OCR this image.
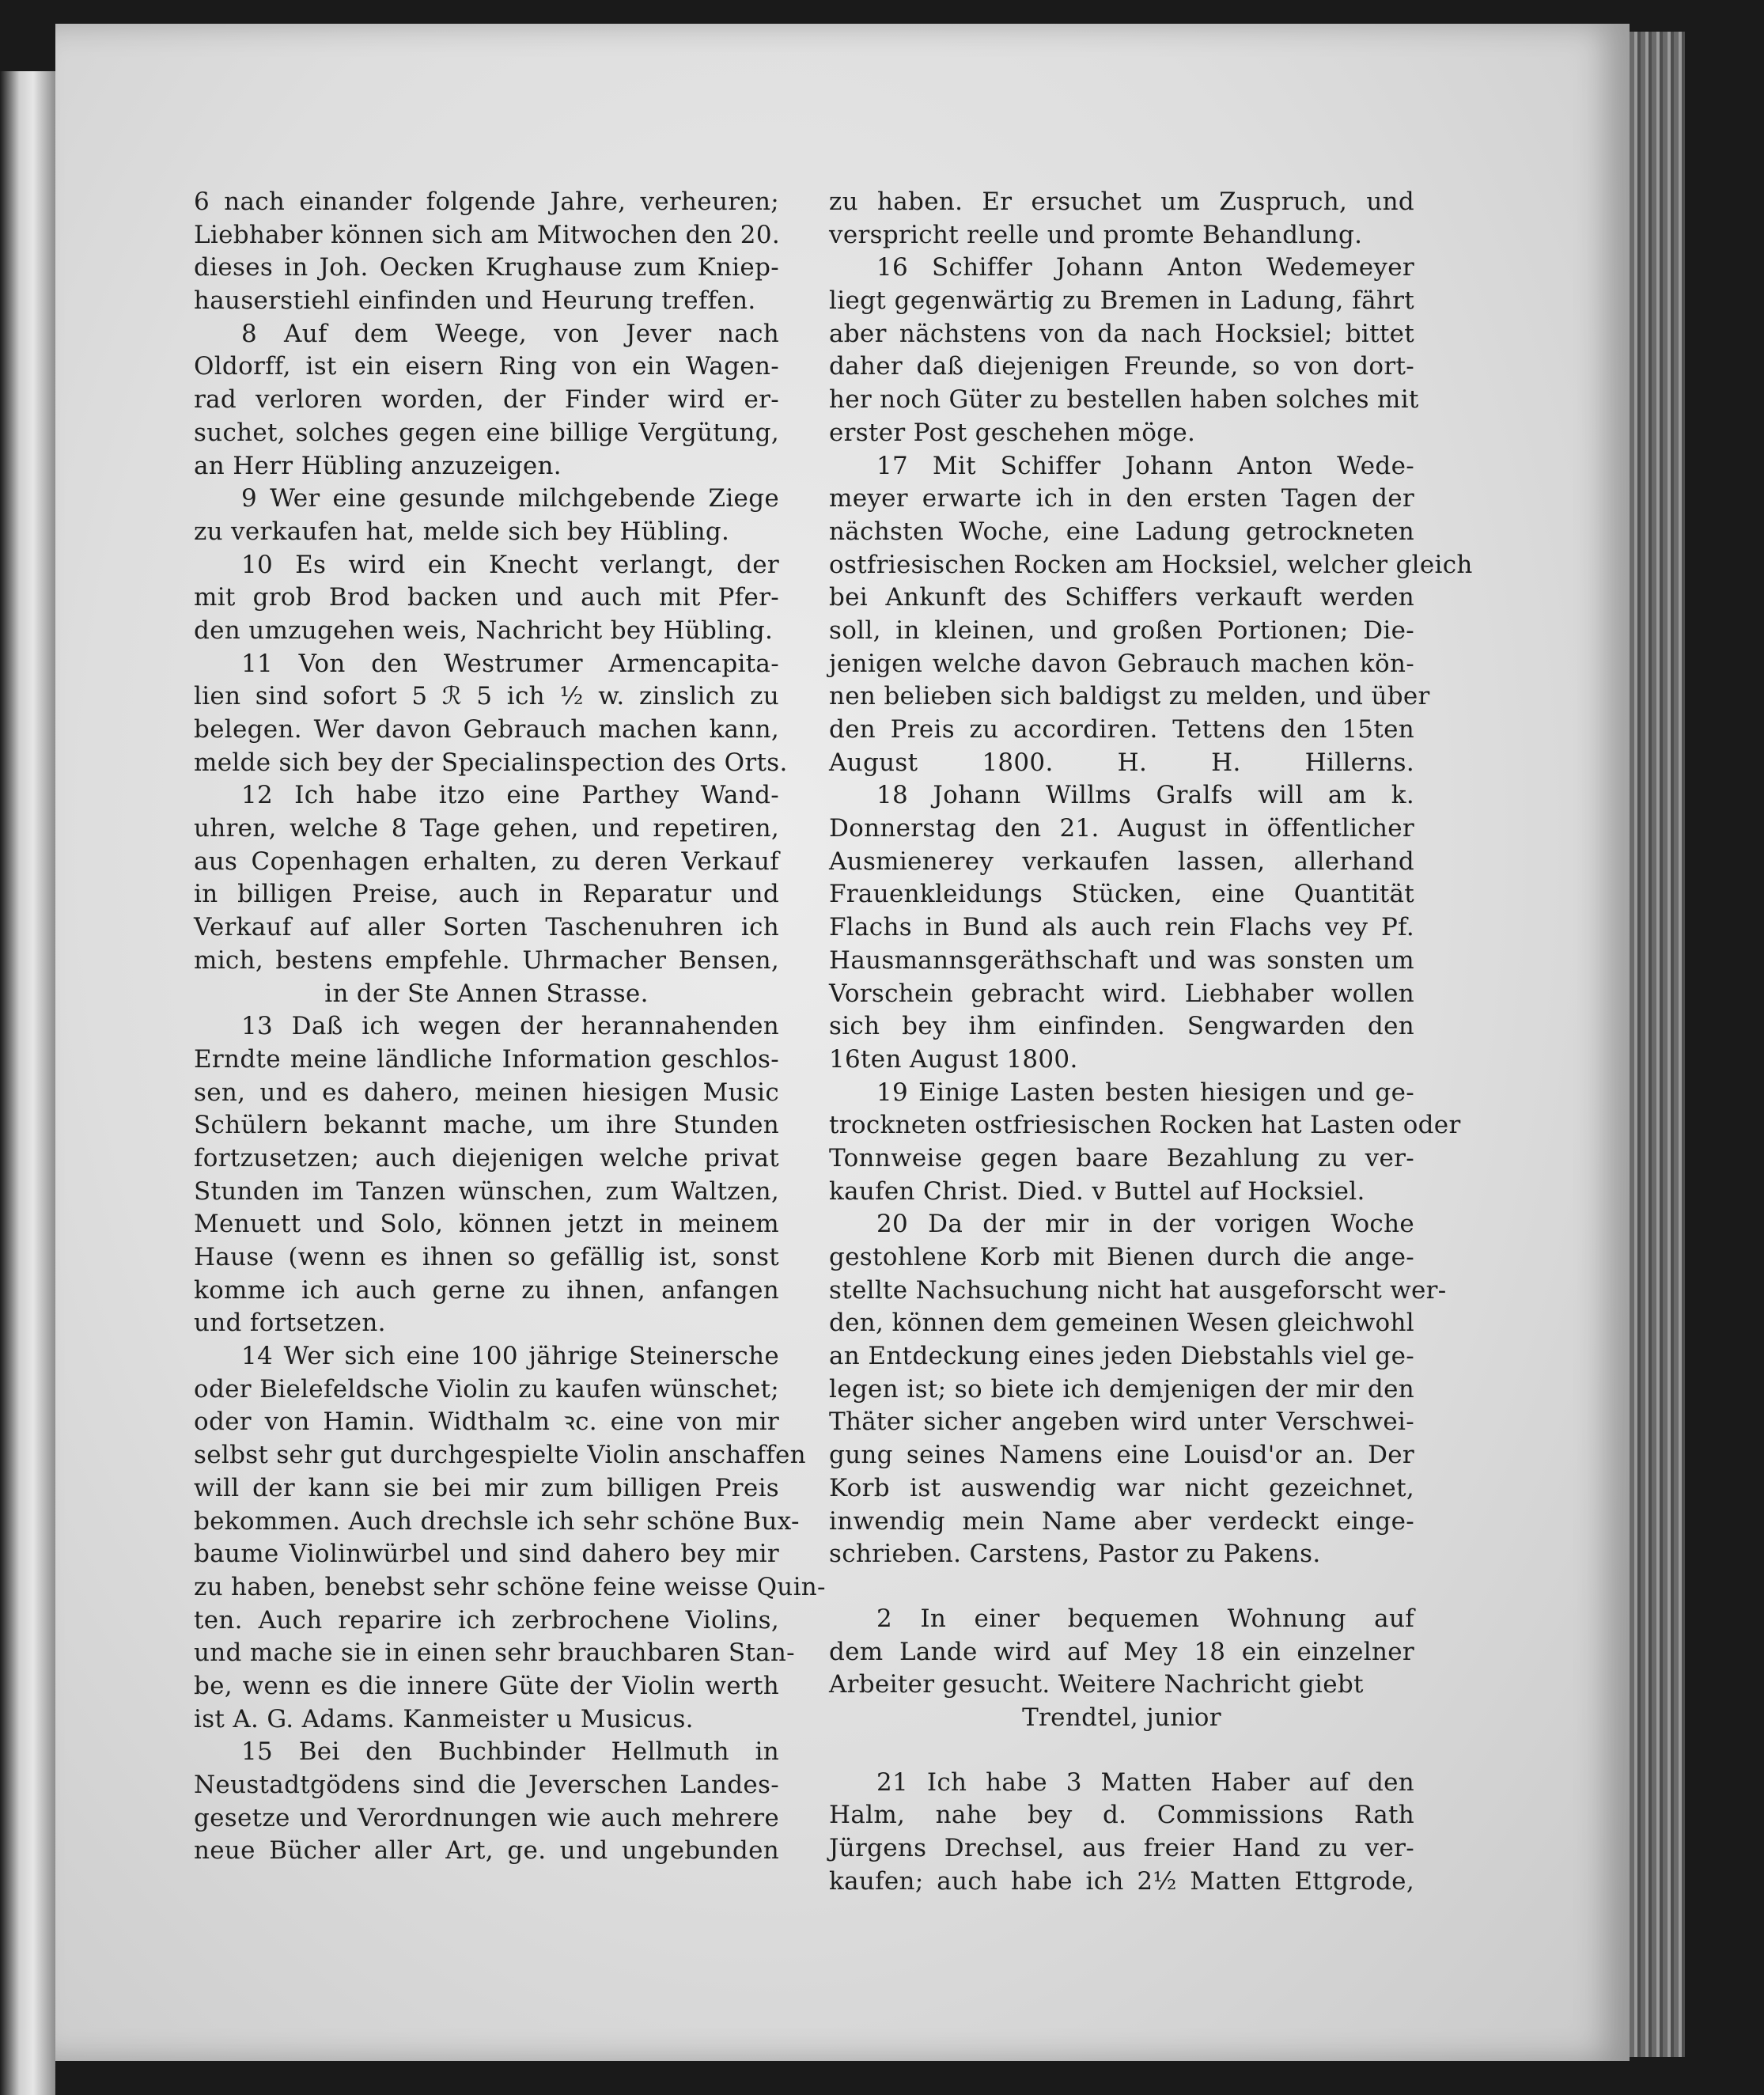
6 nach einander folgende Jahre, verheuren;
Liebhaber können sich am Mitwochen den 20.
dieses in Joh. Oecken Krughause zum Kniep-
hauserstiehl einfinden und Heurung treffen.
8 Auf dem Weege, von Jever nach
Oldorff, ist ein eisern Ring von ein Wagen-
rad verloren worden, der Finder wird er-
suchet, solches gegen eine billige Vergütung,
an Herr Hübling anzuzeigen.
9 Wer eine gesunde milchgebende Ziege
zu verkaufen hat, melde sich bey Hübling.
10 Es wird ein Knecht verlangt, der
mit grob Brod backen und auch mit Pfer-
den umzugehen weis, Nachricht bey Hübling.
11 Von den Westrumer Armencapita-
lien sind sofort 5 ℛ 5 ich ½ w. zinslich zu
belegen. Wer davon Gebrauch machen kann,
melde sich bey der Specialinspection des Orts.
12 Ich habe itzo eine Parthey Wand-
uhren, welche 8 Tage gehen, und repetiren,
aus Copenhagen erhalten, zu deren Verkauf
in billigen Preise, auch in Reparatur und
Verkauf auf aller Sorten Taschenuhren ich
mich, bestens empfehle. Uhrmacher Bensen,
in der Ste Annen Strasse.
13 Daß ich wegen der herannahenden
Erndte meine ländliche Information geschlos-
sen, und es dahero, meinen hiesigen Music
Schülern bekannt mache, um ihre Stunden
fortzusetzen; auch diejenigen welche privat
Stunden im Tanzen wünschen, zum Waltzen,
Menuett und Solo, können jetzt in meinem
Hause (wenn es ihnen so gefällig ist, sonst
komme ich auch gerne zu ihnen, anfangen
und fortsetzen.
14 Wer sich eine 100 jährige Steinersche
oder Bielefeldsche Violin zu kaufen wünschet;
oder von Hamin. Widthalm ꝛc. eine von mir
selbst sehr gut durchgespielte Violin anschaffen
will der kann sie bei mir zum billigen Preis
bekommen. Auch drechsle ich sehr schöne Bux-
baume Violinwürbel und sind dahero bey mir
zu haben, benebst sehr schöne feine weisse Quin-
ten. Auch reparire ich zerbrochene Violins,
und mache sie in einen sehr brauchbaren Stan-
be, wenn es die innere Güte der Violin werth
ist A. G. Adams. Kanmeister u Musicus.
15 Bei den Buchbinder Hellmuth in
Neustadtgödens sind die Jeverschen Landes-
gesetze und Verordnungen wie auch mehrere
neue Bücher aller Art, ge. und ungebunden
zu haben. Er ersuchet um Zuspruch, und
verspricht reelle und promte Behandlung.
16 Schiffer Johann Anton Wedemeyer
liegt gegenwärtig zu Bremen in Ladung, fährt
aber nächstens von da nach Hocksiel; bittet
daher daß diejenigen Freunde, so von dort-
her noch Güter zu bestellen haben solches mit
erster Post geschehen möge.
17 Mit Schiffer Johann Anton Wede-
meyer erwarte ich in den ersten Tagen der
nächsten Woche, eine Ladung getrockneten
ostfriesischen Rocken am Hocksiel, welcher gleich
bei Ankunft des Schiffers verkauft werden
soll, in kleinen, und großen Portionen; Die-
jenigen welche davon Gebrauch machen kön-
nen belieben sich baldigst zu melden, und über
den Preis zu accordiren. Tettens den 15ten
August 1800. H. H. Hillerns.
18 Johann Willms Gralfs will am k.
Donnerstag den 21. August in öffentlicher
Ausmienerey verkaufen lassen, allerhand
Frauenkleidungs Stücken, eine Quantität
Flachs in Bund als auch rein Flachs vey Pf.
Hausmannsgeräthschaft und was sonsten um
Vorschein gebracht wird. Liebhaber wollen
sich bey ihm einfinden. Sengwarden den
16ten August 1800.
19 Einige Lasten besten hiesigen und ge-
trockneten ostfriesischen Rocken hat Lasten oder
Tonnweise gegen baare Bezahlung zu ver-
kaufen Christ. Died. v Buttel auf Hocksiel.
20 Da der mir in der vorigen Woche
gestohlene Korb mit Bienen durch die ange-
stellte Nachsuchung nicht hat ausgeforscht wer-
den, können dem gemeinen Wesen gleichwohl
an Entdeckung eines jeden Diebstahls viel ge-
legen ist; so biete ich demjenigen der mir den
Thäter sicher angeben wird unter Verschwei-
gung seines Namens eine Louisd'or an. Der
Korb ist auswendig war nicht gezeichnet,
inwendig mein Name aber verdeckt einge-
schrieben. Carstens, Pastor zu Pakens.
2 In einer bequemen Wohnung auf
dem Lande wird auf Mey 18 ein einzelner
Arbeiter gesucht. Weitere Nachricht giebt
Trendtel, junior
21 Ich habe 3 Matten Haber auf den
Halm, nahe bey d. Commissions Rath
Jürgens Drechsel, aus freier Hand zu ver-
kaufen; auch habe ich 2½ Matten Ettgrode,
